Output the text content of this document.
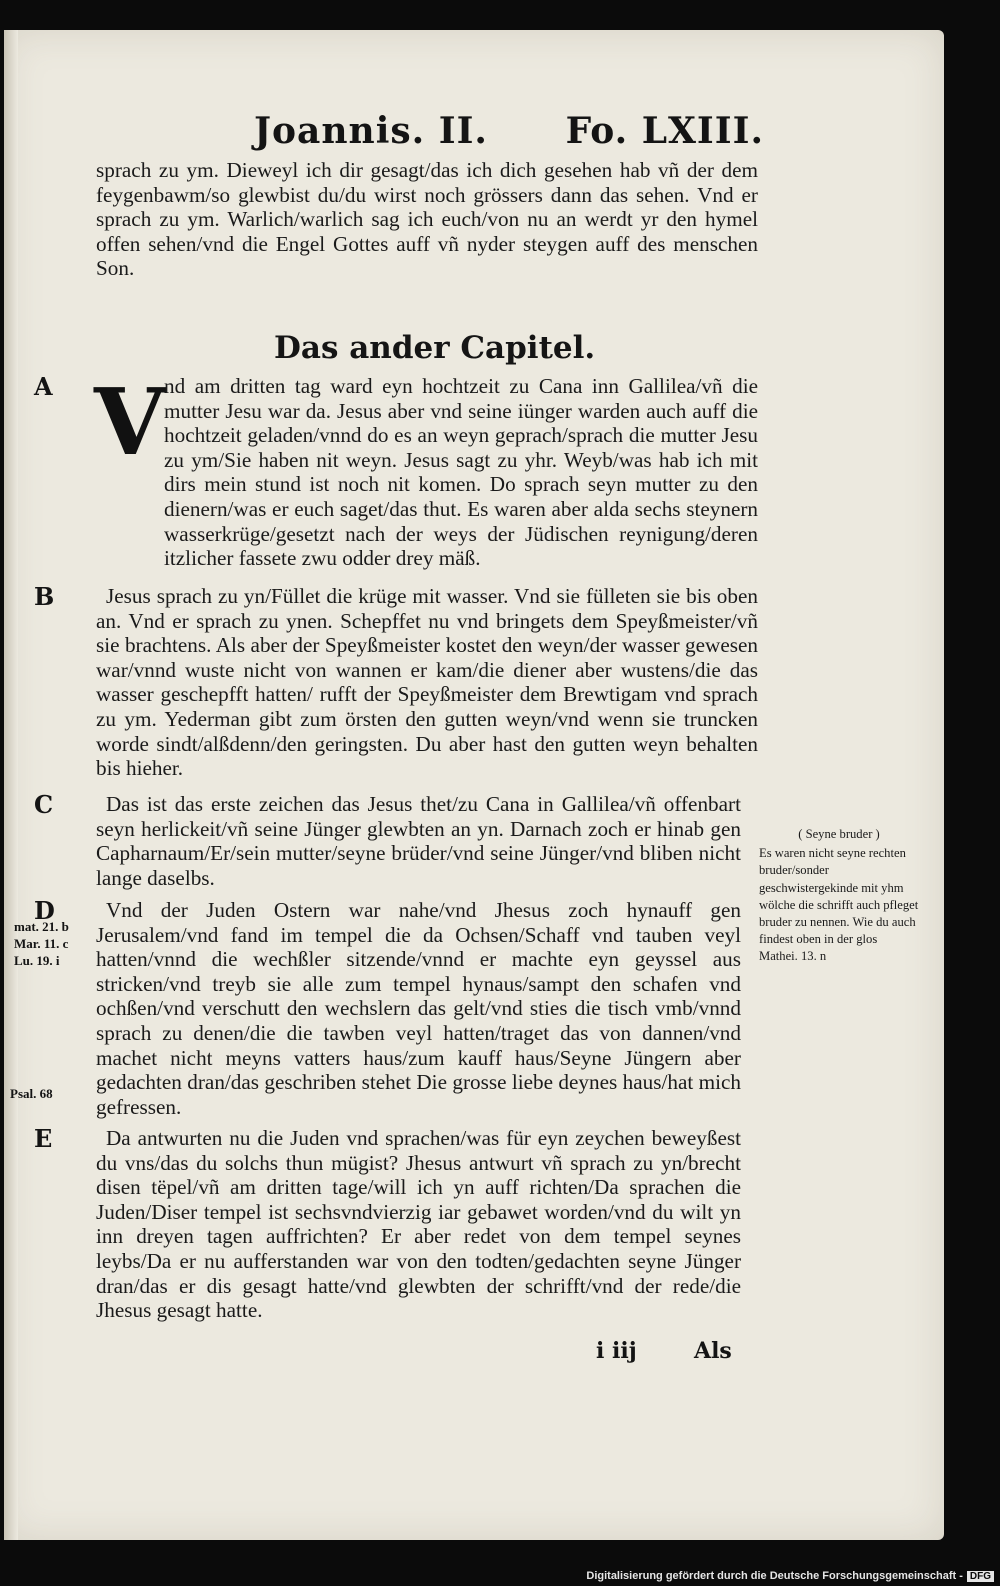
Joannis. II. Fo. LXIII.

sprach zu ym. Dieweyl ich dir gesagt/das ich dich gesehen hab vñ der dem feygenbawm/so glewbist du/du wirst noch grössers dann das sehen. Vnd er sprach zu ym. Warlich/warlich sag ich euch/von nu an werdt yr den hymel offen sehen/vnd die Engel Gottes auff vñ nyder steygen auff des menschen Son.

Das ander Capitel.
A V

nd am dritten tag ward eyn hochtzeit zu Cana inn Gallilea/vñ die mutter Jesu war da. Jesus aber vnd seine iünger warden auch auff die hochtzeit geladen/vnnd do es an weyn geprach/sprach die mutter Jesu zu ym/Sie haben nit weyn. Jesus sagt zu yhr. Weyb/was hab ich mit dirs mein stund ist noch nit komen. Do sprach seyn mutter zu den dienern/was er euch saget/das thut. Es waren aber alda sechs steynern wasserkrüge/gesetzt nach der weys der Jüdischen reynigung/deren itzlicher fassete zwu odder drey mäß.

B	Jesus sprach zu yn/Füllet die krüge mit wasser. Vnd sie fülleten sie bis oben an. Vnd er sprach zu ynen. Schepffet nu vnd bringets dem Speyßmeister/vñ sie brachtens. Als aber der Speyßmeister kostet den weyn/der wasser gewesen war/vnnd wuste nicht von wannen er kam/die diener aber wustens/die das wasser geschepfft hatten/ rufft der Speyßmeister dem Brewtigam vnd sprach zu ym. Yederman gibt zum örsten den gutten weyn/vnd wenn sie truncken worde sindt/alßdenn/den geringsten. Du aber hast den gutten weyn behalten bis hieher.

C	Das ist das erste zeichen das Jesus thet/zu Cana in Gallilea/vñ offenbart seyn herlickeit/vñ seine Jünger glewbten an yn. Darnach zoch er hinab gen Capharnaum/Er/sein mutter/seyne brüder/vnd seine Jünger/vnd bliben nicht lange daselbs.

( Seyne bruder )
Es waren nicht seyne rechten bruder/sonder geschwistergekinde mit yhm wölche die schrifft auch pfleget bruder zu nennen. Wie du auch findest oben in der glos Mathei. 13. n
D
mat. 21. b
Mar. 11. c
Lu. 19. i

Vnd der Juden Ostern war nahe/vnd Jhesus zoch hynauff gen Jerusalem/vnd fand im tempel die da Ochsen/Schaff vnd tauben veyl hatten/vnnd die wechßler sitzende/vnnd er machte eyn geyssel aus stricken/vnd treyb sie alle zum tempel hynaus/sampt den schafen vnd ochßen/vnd verschutt den wechslern das gelt/vnd sties die tisch vmb/vnnd sprach zu denen/die die tawben veyl hatten/traget das von dannen/vnd machet nicht meyns vatters haus/zum kauff haus/Seyne Jüngern aber gedachten dran/das geschriben stehet Die grosse liebe deynes haus/hat mich gefressen.

Psal. 68
E	Da antwurten nu die Juden vnd sprachen/was für eyn zeychen beweyßest du vns/das du solchs thun mügist? Jhesus antwurt vñ sprach zu yn/brecht disen tëpel/vñ am dritten tage/will ich yn auff richten/Da sprachen die Juden/Diser tempel ist sechsvndvierzig iar gebawet worden/vnd du wilt yn inn dreyen tagen auffrichten? Er aber redet von dem tempel seynes leybs/Da er nu aufferstanden war von den todten/gedachten seyne Jünger dran/das er dis gesagt hatte/vnd glewbten der schrifft/vnd der rede/die Jhesus gesagt hatte.

i iij	Als
Digitalisierung gefördert durch die Deutsche Forschungsgemeinschaft - DFG
